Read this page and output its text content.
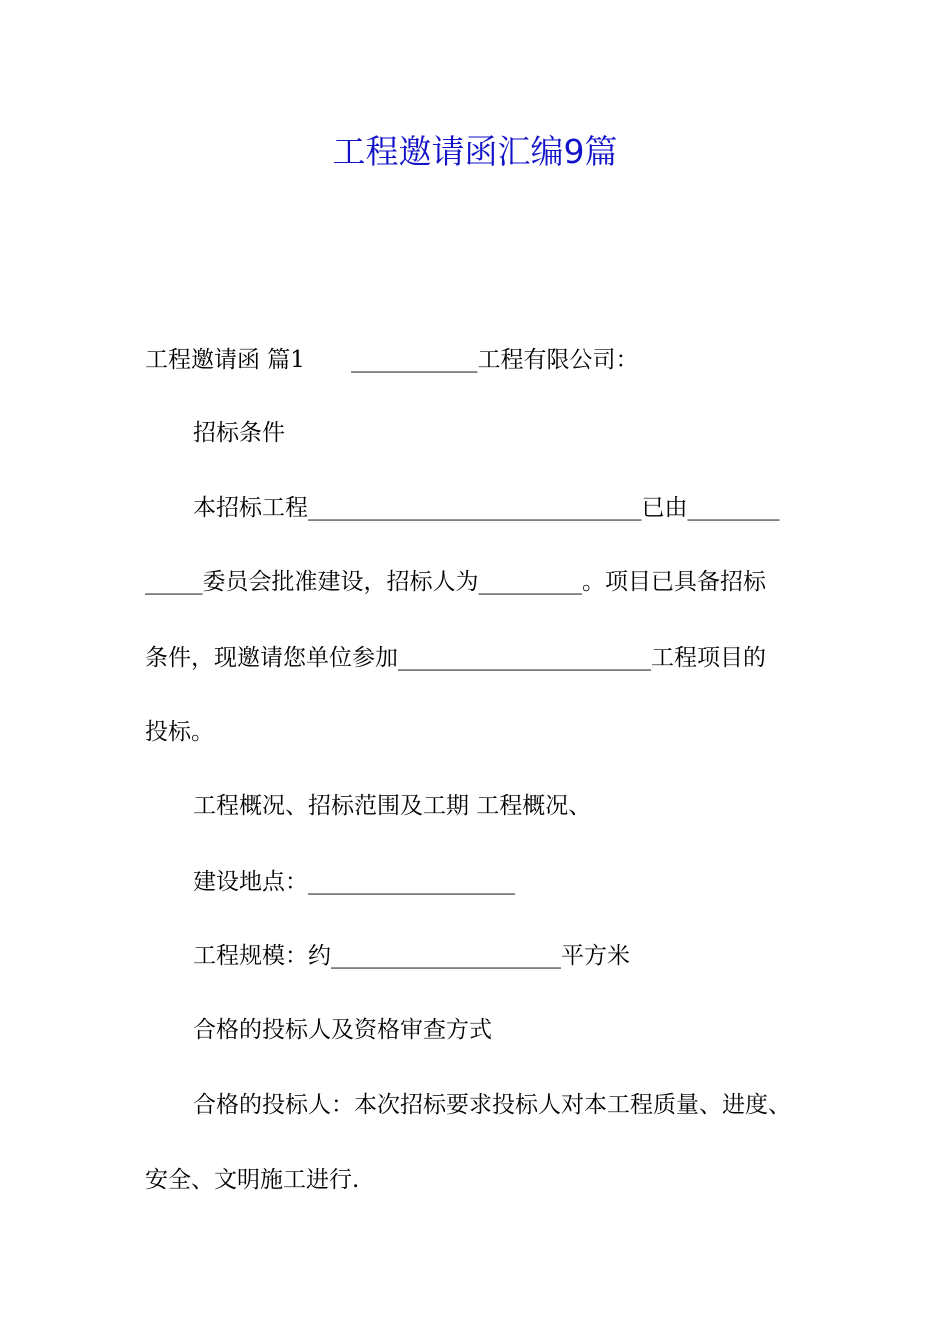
工程邀请函汇编9篇

工程邀请函 篇1 ___________工程有限公司：

招标条件

本招标工程_____________________________已由________

_____委员会批准建设，招标人为_________。项目已具备招标

条件，现邀请您单位参加______________________工程项目的

投标。

工程概况、招标范围及工期 工程概况、

建设地点：__________________

工程规模：约____________________平方米

合格的投标人及资格审查方式

合格的投标人：本次招标要求投标人对本工程质量、进度、

安全、文明施工进行.
